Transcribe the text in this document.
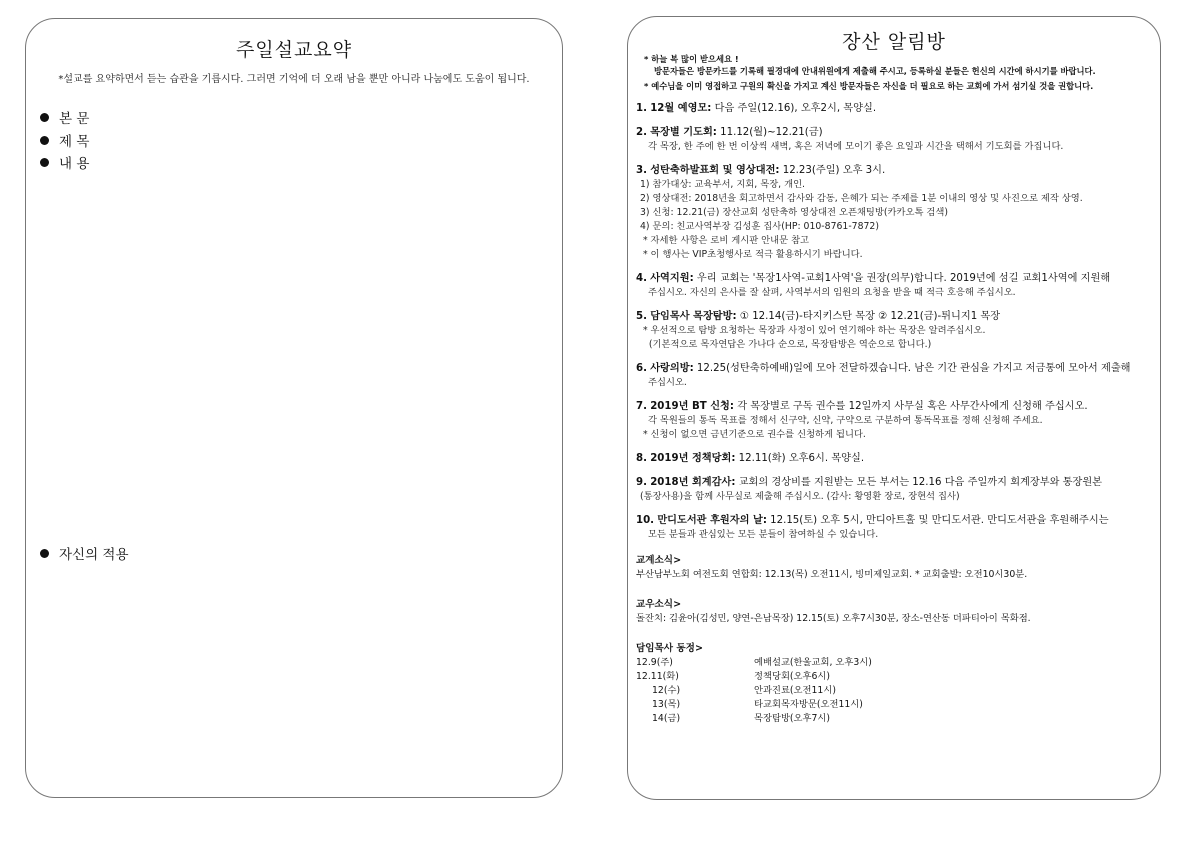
주일설교요약
*설교를 요약하면서 듣는 습관을 기릅시다. 그러면 기억에 더 오래 남을 뿐만 아니라 나눔에도 도움이 됩니다.
본 문
제 목
내 용
자신의 적용
장산 알림방
* 하늘 복 많이 받으세요 !
방문자들은 방문카드를 기록해 필경대에 안내위원에게 제출해 주시고, 등록하실 분들은 헌신의 시간에 하시기를 바랍니다.
* 예수님을 이미 영접하고 구원의 확신을 가지고 계신 방문자들은 자신을 더 필요로 하는 교회에 가서 섬기실 것을 권합니다.
1. 12월 예영모: 다음 주일(12.16), 오후2시, 목양실.
2. 목장별 기도회: 11.12(월)~12.21(금)
각 목장, 한 주에 한 번 이상씩 새벽, 혹은 저녁에 모이기 좋은 요일과 시간을 택해서 기도회를 가집니다.
3. 성탄축하발표회 및 영상대전: 12.23(주일) 오후 3시.
1) 참가대상: 교육부서, 지회, 목장, 개인.
2) 영상대전: 2018년을 회고하면서 감사와 감동, 은혜가 되는 주제를 1분 이내의 영상 및 사진으로 제작 상영.
3) 신청: 12.21(금) 장산교회 성탄축하 영상대전 오픈채팅방(카카오톡 검색)
4) 문의: 친교사역부장 김성훈 집사(HP: 010-8761-7872)
* 자세한 사항은 로비 게시판 안내문 참고
* 이 행사는 VIP초청행사로 적극 활용하시기 바랍니다.
4. 사역지원: 우리 교회는 '목장1사역-교회1사역'을 권장(의무)합니다. 2019년에 섬길 교회1사역에 지원해
주십시오. 자신의 은사를 잘 살펴, 사역부서의 임원의 요청을 받을 때 적극 호응해 주십시오.
5. 담임목사 목장탐방: ① 12.14(금)-타지키스탄 목장 ② 12.21(금)-튀니지1 목장
* 우선적으로 탐방 요청하는 목장과 사정이 있어 연기해야 하는 목장은 알려주십시오.
(기본적으로 목자연답은 가나다 순으로, 목장탐방은 역순으로 합니다.)
6. 사랑의방: 12.25(성탄축하예배)일에 모아 전달하겠습니다. 남은 기간 관심을 가지고 저금통에 모아서 제출해
주십시오.
7. 2019년 BT 신청: 각 목장별로 구독 권수를 12일까지 사무실 혹은 사무간사에게 신청해 주십시오.
각 목원들의 통독 목표를 정해서 신구약, 신약, 구약으로 구분하여 통독목표를 정해 신청해 주세요.
* 신청이 없으면 금년기준으로 권수를 신청하게 됩니다.
8. 2019년 정책당회: 12.11(화) 오후6시. 목양실.
9. 2018년 회계감사: 교회의 경상비를 지원받는 모든 부서는 12.16 다음 주일까지 회계장부와 통장원본
(통장사용)을 함께 사무실로 제출해 주십시오. (감사: 황영환 장로, 장현석 집사)
10. 만디도서관 후원자의 날: 12.15(토) 오후 5시, 만디아트홀 및 만디도서관. 만디도서관을 후원해주시는
모든 분들과 관심있는 모든 분들이 참여하실 수 있습니다.
교계소식>
부산남부노회 여전도회 연합회: 12.13(목) 오전11시, 빙미제일교회. * 교회출발: 오전10시30분.
교우소식>
돌잔치: 김윤아(김성민, 양연-은남목장) 12.15(토) 오후7시30분, 장소-연산동 더파티아이 목화점.
담임목사 동정>
12.9(주)	예배설교(한울교회, 오후3시)
12.11(화)	정책당회(오후6시)
12(수)	안과진료(오전11시)
13(목)	타교회목자방문(오전11시)
14(금)	목장탐방(오후7시)
